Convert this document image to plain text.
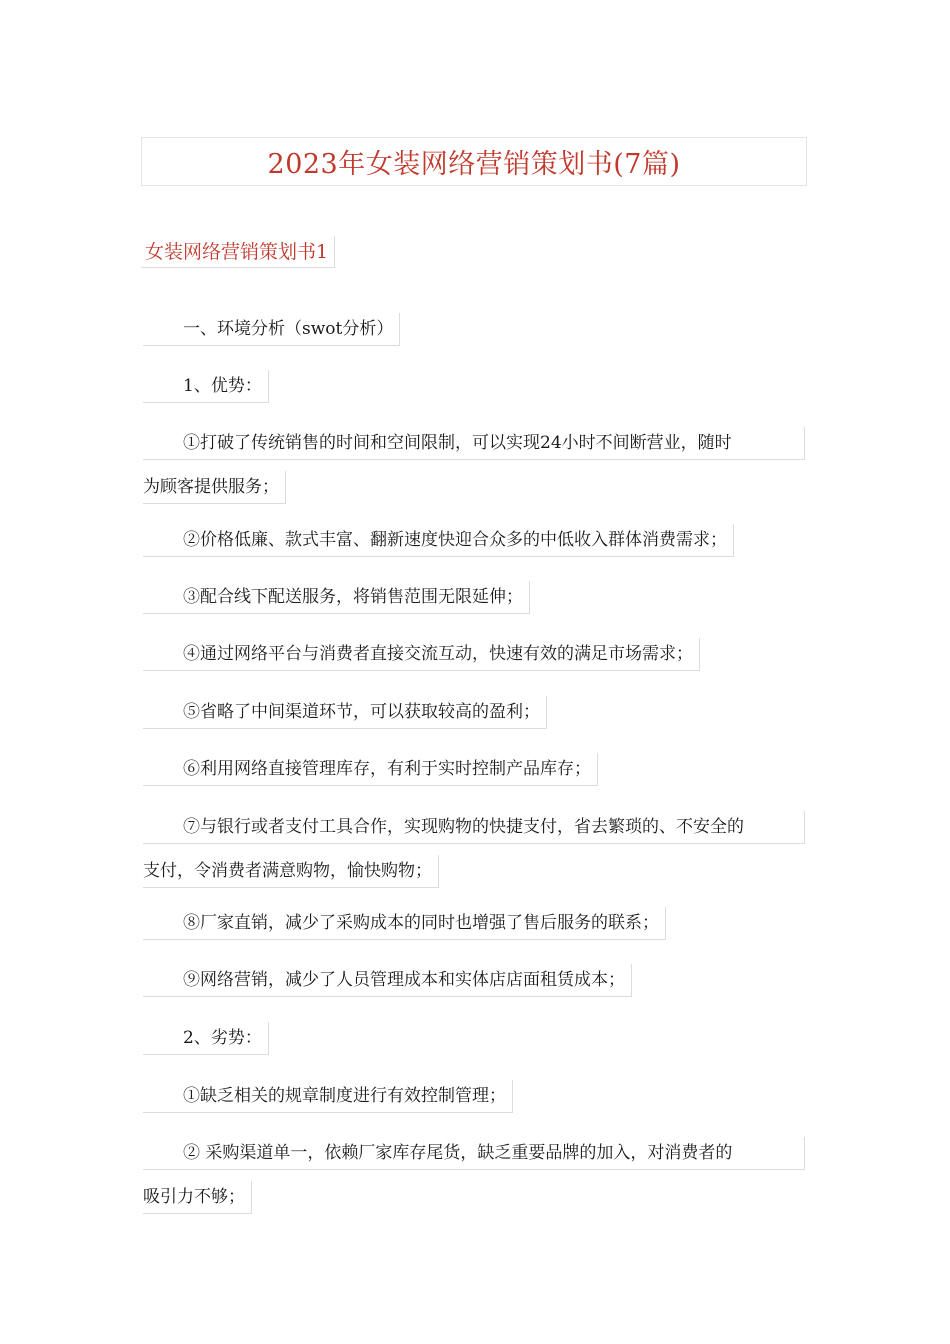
2023年女装网络营销策划书(7篇)
女装网络营销策划书1
一、环境分析（swot分析）
1、优势：
①打破了传统销售的时间和空间限制，可以实现24小时不间断营业，随时
为顾客提供服务；
②价格低廉、款式丰富、翻新速度快迎合众多的中低收入群体消费需求；
③配合线下配送服务，将销售范围无限延伸；
④通过网络平台与消费者直接交流互动，快速有效的满足市场需求；
⑤省略了中间渠道环节，可以获取较高的盈利；
⑥利用网络直接管理库存，有利于实时控制产品库存；
⑦与银行或者支付工具合作，实现购物的快捷支付，省去繁琐的、不安全的
支付，令消费者满意购物，愉快购物；
⑧厂家直销，减少了采购成本的同时也增强了售后服务的联系；
⑨网络营销，减少了人员管理成本和实体店店面租赁成本；
2、劣势：
①缺乏相关的规章制度进行有效控制管理；
② 采购渠道单一，依赖厂家库存尾货，缺乏重要品牌的加入，对消费者的
吸引力不够；
